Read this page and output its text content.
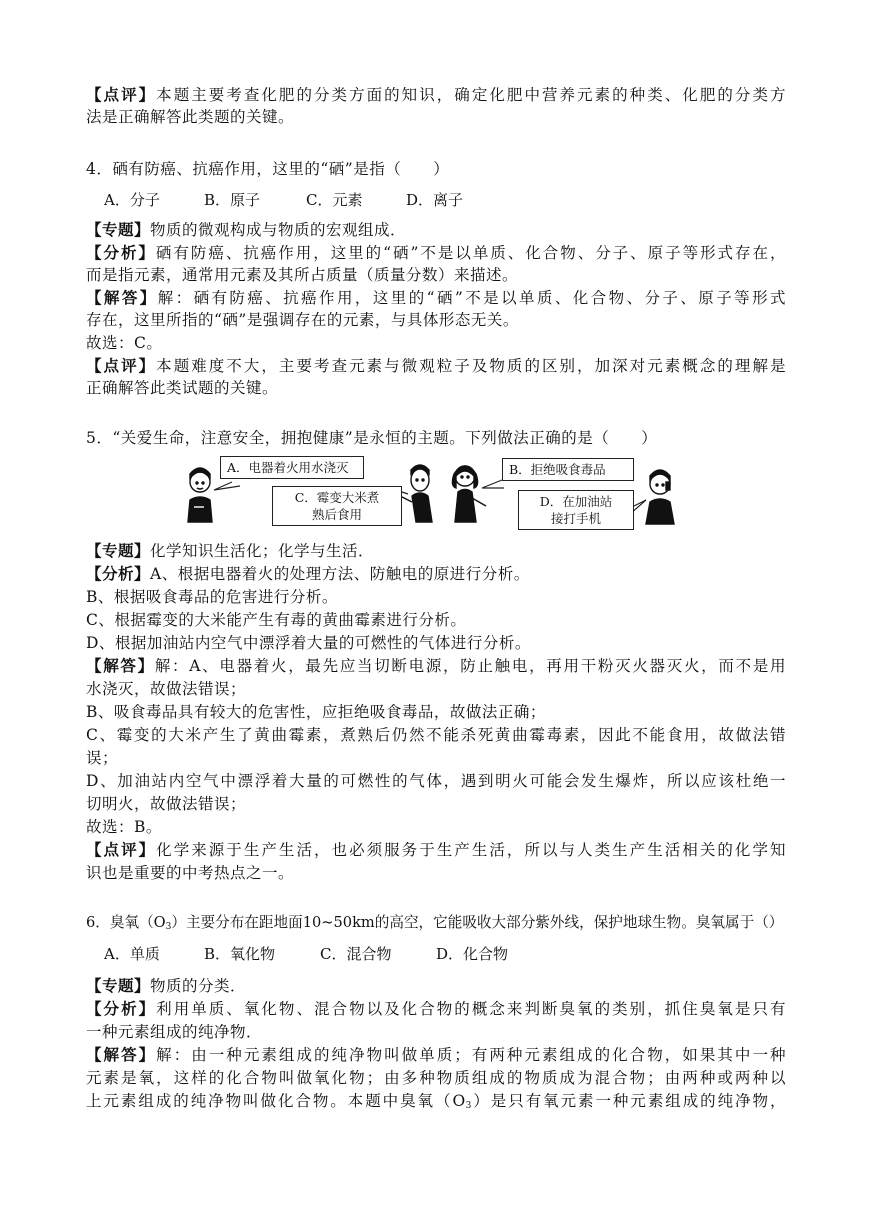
【点评】本题主要考查化肥的分类方面的知识，确定化肥中营养元素的种类、化肥的分类方
法是正确解答此类题的关键。
4．硒有防癌、抗癌作用，这里的“硒”是指（　　）
A．分子	B．原子	C．元素	D．离子
【专题】物质的微观构成与物质的宏观组成．
【分析】硒有防癌、抗癌作用，这里的“硒”不是以单质、化合物、分子、原子等形式存在，
而是指元素，通常用元素及其所占质量（质量分数）来描述。
【解答】解：硒有防癌、抗癌作用，这里的“硒”不是以单质、化合物、分子、原子等形式
存在，这里所指的“硒”是强调存在的元素，与具体形态无关。
故选：C。
【点评】本题难度不大，主要考查元素与微观粒子及物质的区别，加深对元素概念的理解是
正确解答此类试题的关键。
5．“关爱生命，注意安全，拥抱健康”是永恒的主题。下列做法正确的是（　　）
A．电器着火用水浇灭
C．霉变大米煮
熟后食用
B．拒绝吸食毒品
D．在加油站
接打手机
【专题】化学知识生活化；化学与生活．
【分析】A、根据电器着火的处理方法、防触电的原进行分析。
B、根据吸食毒品的危害进行分析。
C、根据霉变的大米能产生有毒的黄曲霉素进行分析。
D、根据加油站内空气中漂浮着大量的可燃性的气体进行分析。
【解答】解：A、电器着火，最先应当切断电源，防止触电，再用干粉灭火器灭火，而不是用
水浇灭，故做法错误；
B、吸食毒品具有较大的危害性，应拒绝吸食毒品，故做法正确；
C、霉变的大米产生了黄曲霉素，煮熟后仍然不能杀死黄曲霉毒素，因此不能食用，故做法错
误；
D、加油站内空气中漂浮着大量的可燃性的气体，遇到明火可能会发生爆炸，所以应该杜绝一
切明火，故做法错误；
故选：B。
【点评】化学来源于生产生活，也必须服务于生产生活，所以与人类生产生活相关的化学知
识也是重要的中考热点之一。
6．臭氧$(O_3)$主要分布在距地面10~50km的高空，它能吸收大部分紫外线，保护地球生物。臭氧属于（）
A．单质	B．氧化物	C．混合物	D．化合物
【专题】物质的分类．
【分析】利用单质、氧化物、混合物以及化合物的概念来判断臭氧的类别，抓住臭氧是只有
一种元素组成的纯净物．
【解答】解：由一种元素组成的纯净物叫做单质；有两种元素组成的化合物，如果其中一种
元素是氧，这样的化合物叫做氧化物；由多种物质组成的物质成为混合物；由两种或两种以
上元素组成的纯净物叫做化合物。本题中臭氧$(O_3)$是只有氧元素一种元素组成的纯净物，
